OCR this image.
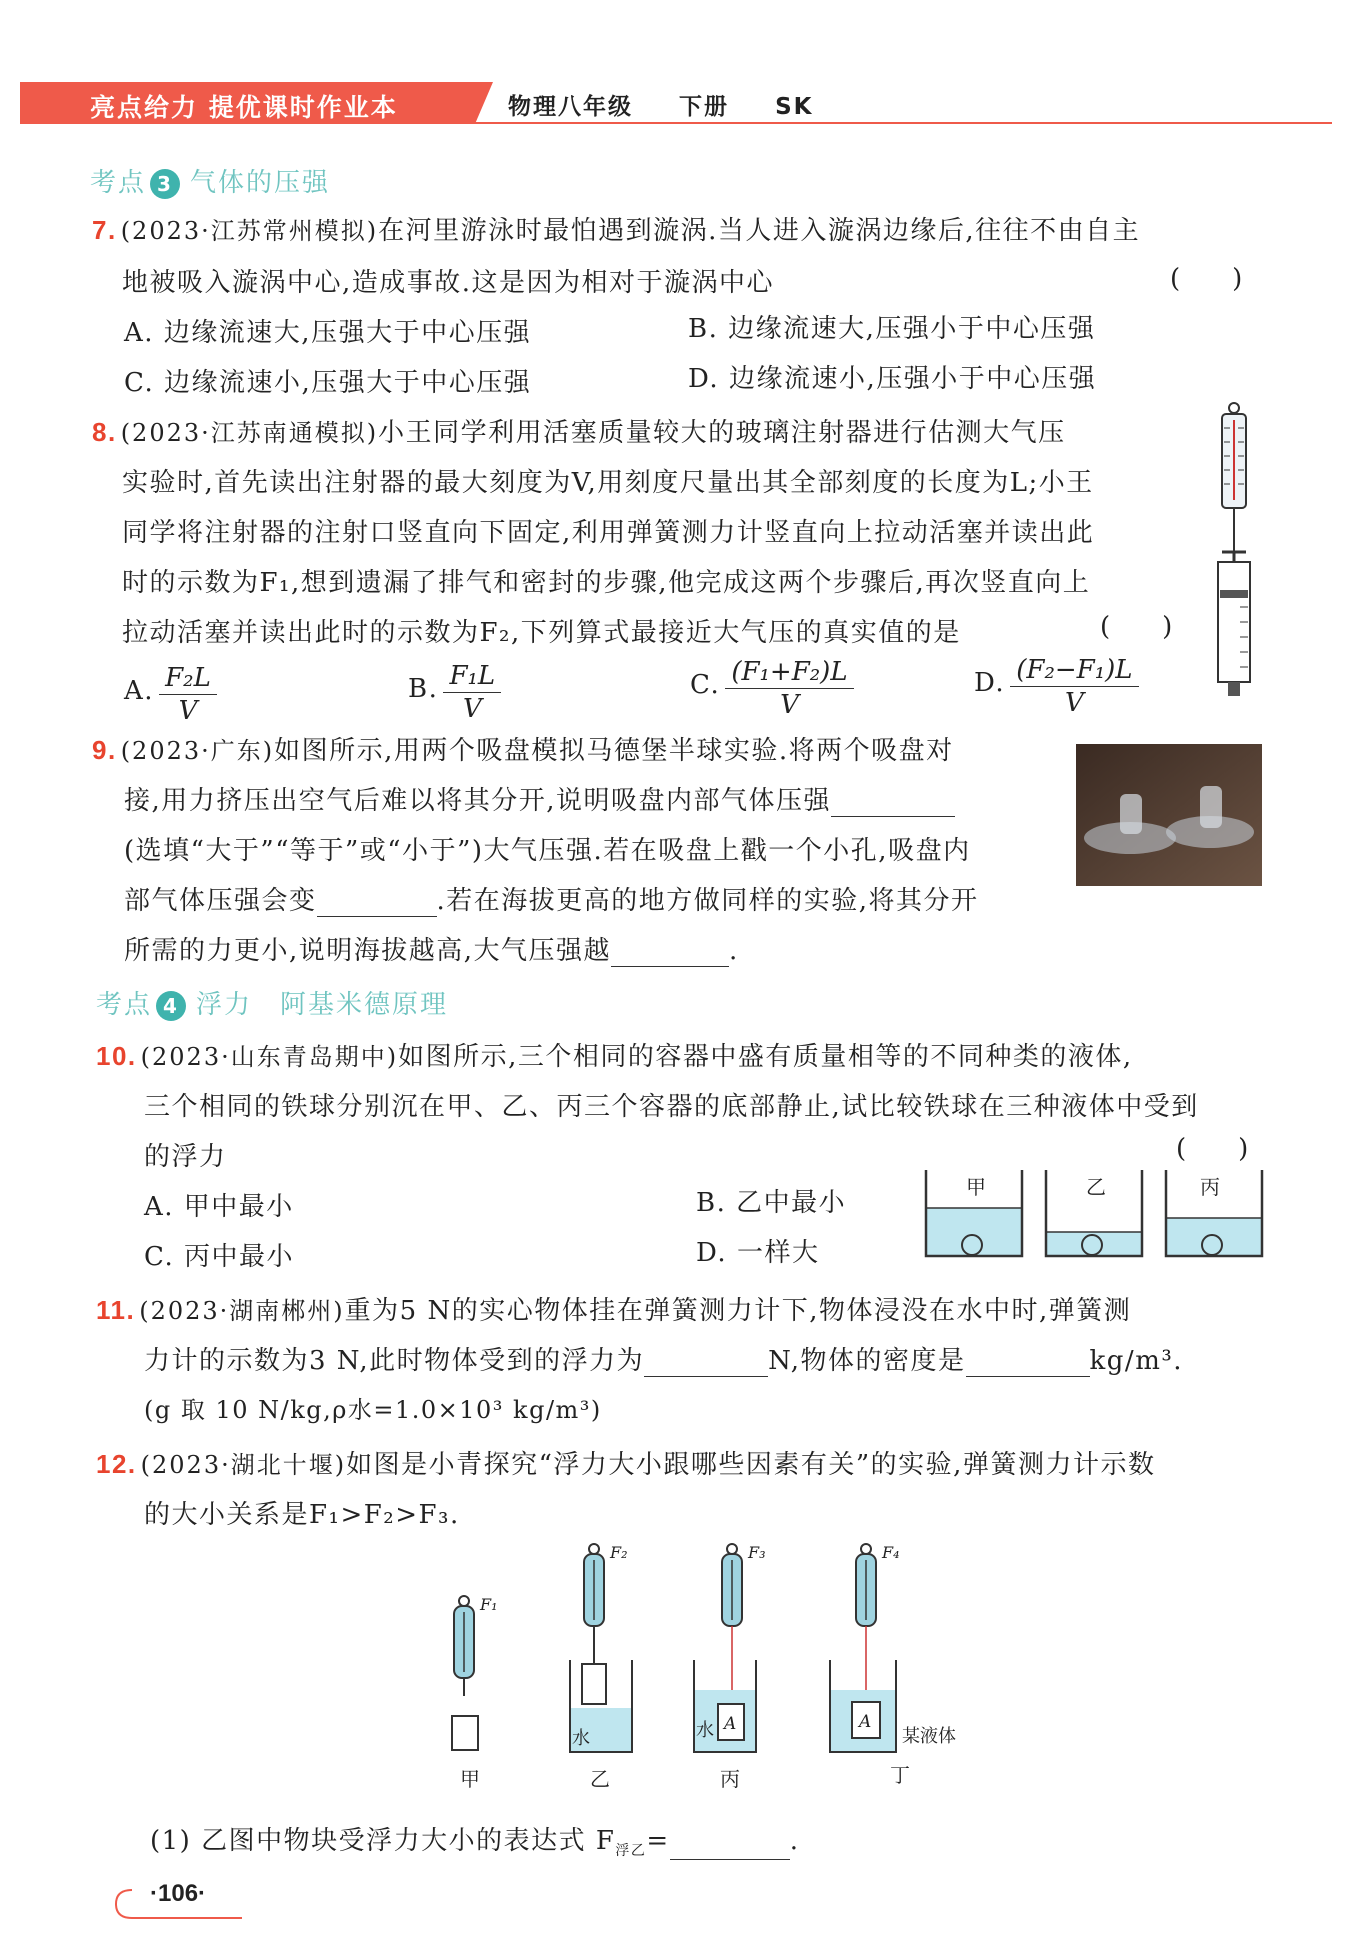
亮点给力 提优课时作业本	物理八年级 下册 SK
考点 3 气体的压强
7. (2023·江苏常州模拟)在河里游泳时最怕遇到漩涡.当人进入漩涡边缘后,往往不由自主
地被吸入漩涡中心,造成事故.这是因为相对于漩涡中心	(　　)
A. 边缘流速大,压强大于中心压强	B. 边缘流速大,压强小于中心压强
C. 边缘流速小,压强大于中心压强	D. 边缘流速小,压强小于中心压强
8. (2023·江苏南通模拟)小王同学利用活塞质量较大的玻璃注射器进行估测大气压
实验时,首先读出注射器的最大刻度为V,用刻度尺量出其全部刻度的长度为L;小王
同学将注射器的注射口竖直向下固定,利用弹簧测力计竖直向上拉动活塞并读出此
时的示数为F₁,想到遗漏了排气和密封的步骤,他完成这两个步骤后,再次竖直向上
拉动活塞并读出此时的示数为F₂,下列算式最接近大气压的真实值的是	(　　)
A. $\frac{\text{F₂L}}{V}$	B. $\frac{\text{F₁L}}{V}$	C. $\frac{\text{(F₁+F₂)L}}{V}$	D. $\frac{\text{(F₂−F₁)L}}{V}$
9. (2023·广东)如图所示,用两个吸盘模拟马德堡半球实验.将两个吸盘对
接,用力挤压出空气后难以将其分开,说明吸盘内部气体压强
(选填“大于”“等于”或“小于”)大气压强.若在吸盘上戳一个小孔,吸盘内
部气体压强会变	.若在海拔更高的地方做同样的实验,将其分开
所需的力更小,说明海拔越高,大气压强越	.
考点 4 浮力　阿基米德原理
10. (2023·山东青岛期中)如图所示,三个相同的容器中盛有质量相等的不同种类的液体,
三个相同的铁球分别沉在甲、乙、丙三个容器的底部静止,试比较铁球在三种液体中受到
的浮力	(　　)
A. 甲中最小	B. 乙中最小
C. 丙中最小	D. 一样大
甲	乙	丙
11. (2023·湖南郴州)重为5 N的实心物体挂在弹簧测力计下,物体浸没在水中时,弹簧测
力计的示数为3 N,此时物体受到的浮力为	N,物体的密度是	kg/m³.
(g 取 10 N/kg,ρ水=1.0×10³ kg/m³)
12. (2023·湖北十堰)如图是小青探究“浮力大小跟哪些因素有关”的实验,弹簧测力计示数
的大小关系是F₁>F₂>F₃.
F₁
甲
F₂
水
乙
A
F₃
水
丙
A
F₄
某液体
丁
(1) 乙图中物块受浮力大小的表达式 $F_{浮乙}=$	.
·106·
